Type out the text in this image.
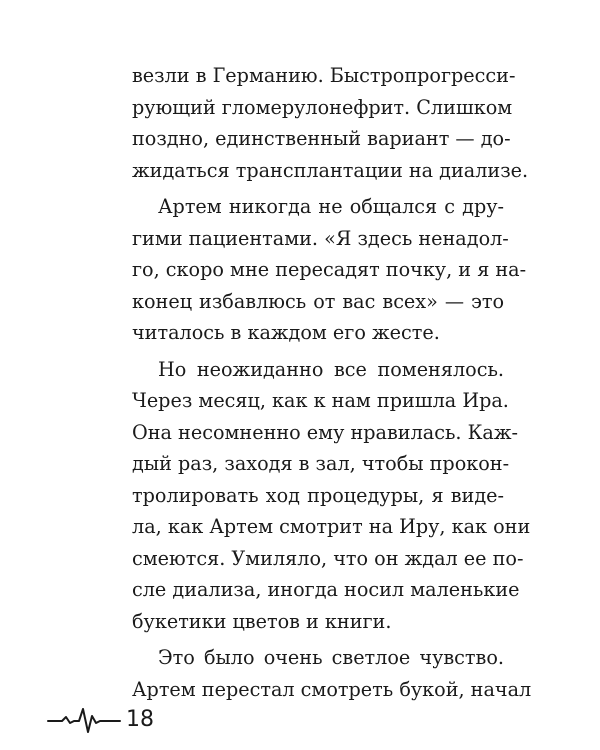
везли в Германию. Быстропрогресси-
рующий гломерулонефрит. Слишком
поздно, единственный вариант — до-
жидаться трансплантации на диализе.
Артем никогда не общался с дру-
гими пациентами. «Я здесь ненадол-
го, скоро мне пересадят почку, и я на-
конец избавлюсь от вас всех» — это
читалось в каждом его жесте.
Но неожиданно все поменялось.
Через месяц, как к нам пришла Ира.
Она несомненно ему нравилась. Каж-
дый раз, заходя в зал, чтобы прокон-
тролировать ход процедуры, я виде-
ла, как Артем смотрит на Иру, как они
смеются. Умиляло, что он ждал ее по-
сле диализа, иногда носил маленькие
букетики цветов и книги.
Это было очень светлое чувство.
Артем перестал смотреть букой, начал
18
